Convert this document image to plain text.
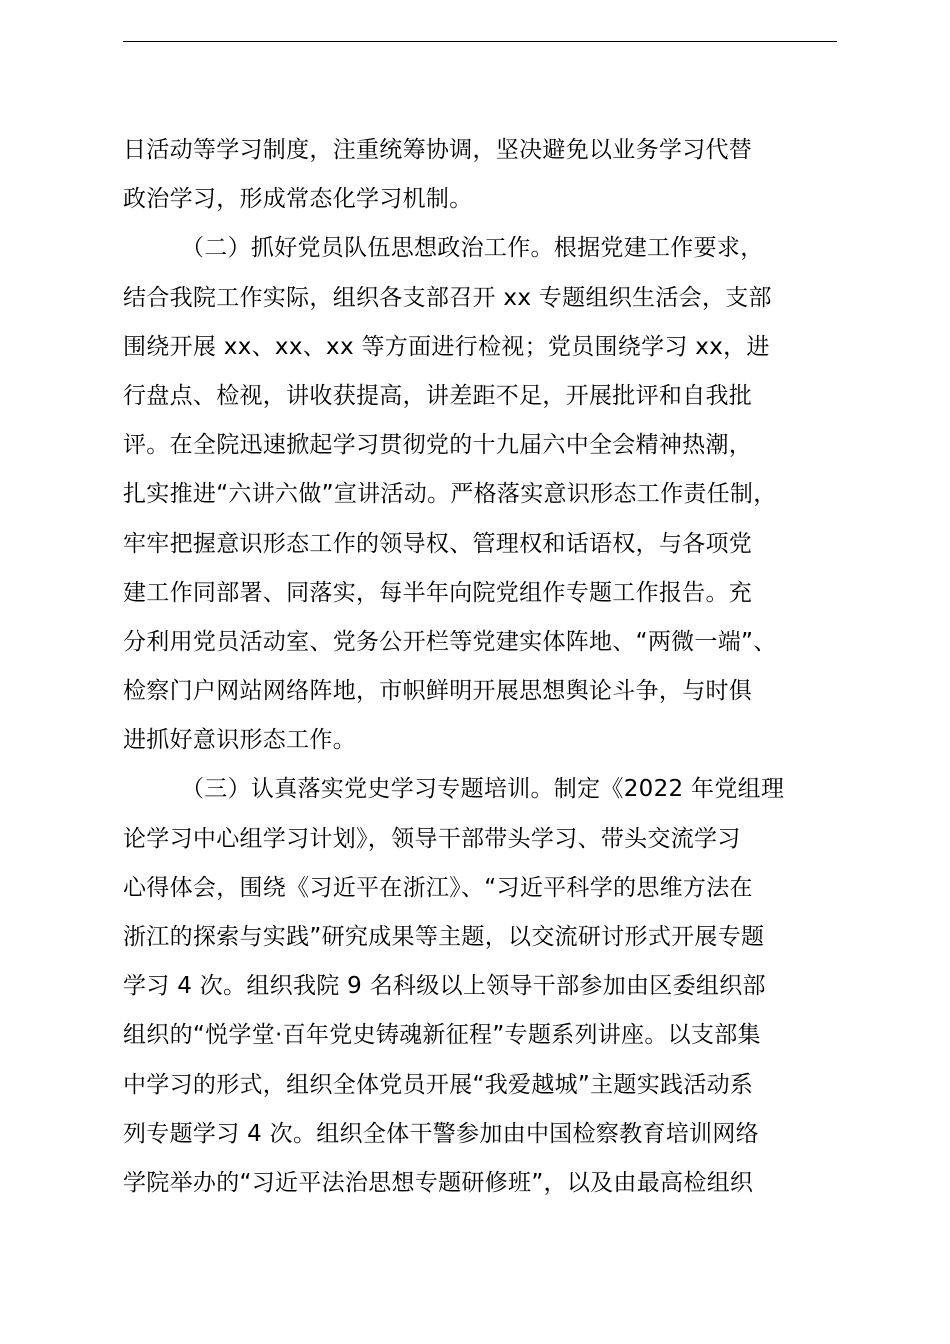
日活动等学习制度，注重统筹协调，坚决避免以业务学习代替
政治学习，形成常态化学习机制。
（二）抓好党员队伍思想政治工作。根据党建工作要求，
结合我院工作实际，组织各支部召开 xx 专题组织生活会，支部
围绕开展 xx、xx、xx 等方面进行检视；党员围绕学习 xx，进
行盘点、检视，讲收获提高，讲差距不足，开展批评和自我批
评。在全院迅速掀起学习贯彻党的十九届六中全会精神热潮，
扎实推进“六讲六做”宣讲活动。严格落实意识形态工作责任制，
牢牢把握意识形态工作的领导权、管理权和话语权，与各项党
建工作同部署、同落实，每半年向院党组作专题工作报告。充
分利用党员活动室、党务公开栏等党建实体阵地、“两微一端”、
检察门户网站网络阵地，市帜鲜明开展思想舆论斗争，与时俱
进抓好意识形态工作。
（三）认真落实党史学习专题培训。制定《2022 年党组理
论学习中心组学习计划》，领导干部带头学习、带头交流学习
心得体会，围绕《习近平在浙江》、“习近平科学的思维方法在
浙江的探索与实践”研究成果等主题，以交流研讨形式开展专题
学习 4 次。组织我院 9 名科级以上领导干部参加由区委组织部
组织的“悦学堂·百年党史铸魂新征程”专题系列讲座。以支部集
中学习的形式，组织全体党员开展“我爱越城”主题实践活动系
列专题学习 4 次。组织全体干警参加由中国检察教育培训网络
学院举办的“习近平法治思想专题研修班”，以及由最高检组织
